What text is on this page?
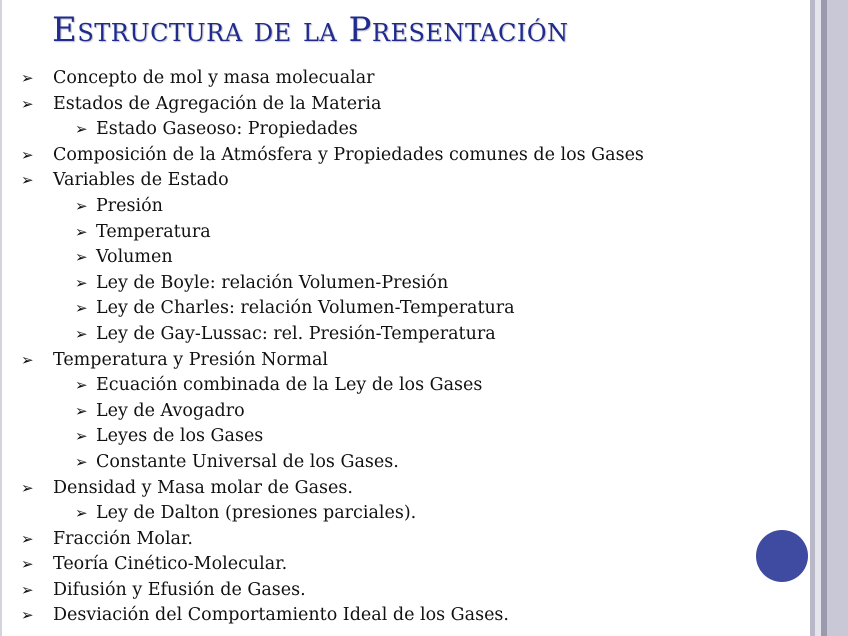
Estructura de la Presentación
➢ Concepto de mol y masa molecualar
➢ Estados de Agregación de la Materia
➢ Estado Gaseoso: Propiedades
➢ Composición de la Atmósfera y Propiedades comunes de los Gases
➢ Variables de Estado
➢ Presión
➢ Temperatura
➢ Volumen
➢ Ley de Boyle: relación Volumen-Presión
➢ Ley de Charles: relación Volumen-Temperatura
➢ Ley de Gay-Lussac: rel. Presión-Temperatura
➢ Temperatura y Presión Normal
➢ Ecuación combinada de la Ley de los Gases
➢ Ley de Avogadro
➢ Leyes de los Gases
➢ Constante Universal de los Gases.
➢ Densidad y Masa molar de Gases.
➢ Ley de Dalton (presiones parciales).
➢ Fracción Molar.
➢ Teoría Cinético-Molecular.
➢ Difusión y Efusión de Gases.
➢ Desviación del Comportamiento Ideal de los Gases.
